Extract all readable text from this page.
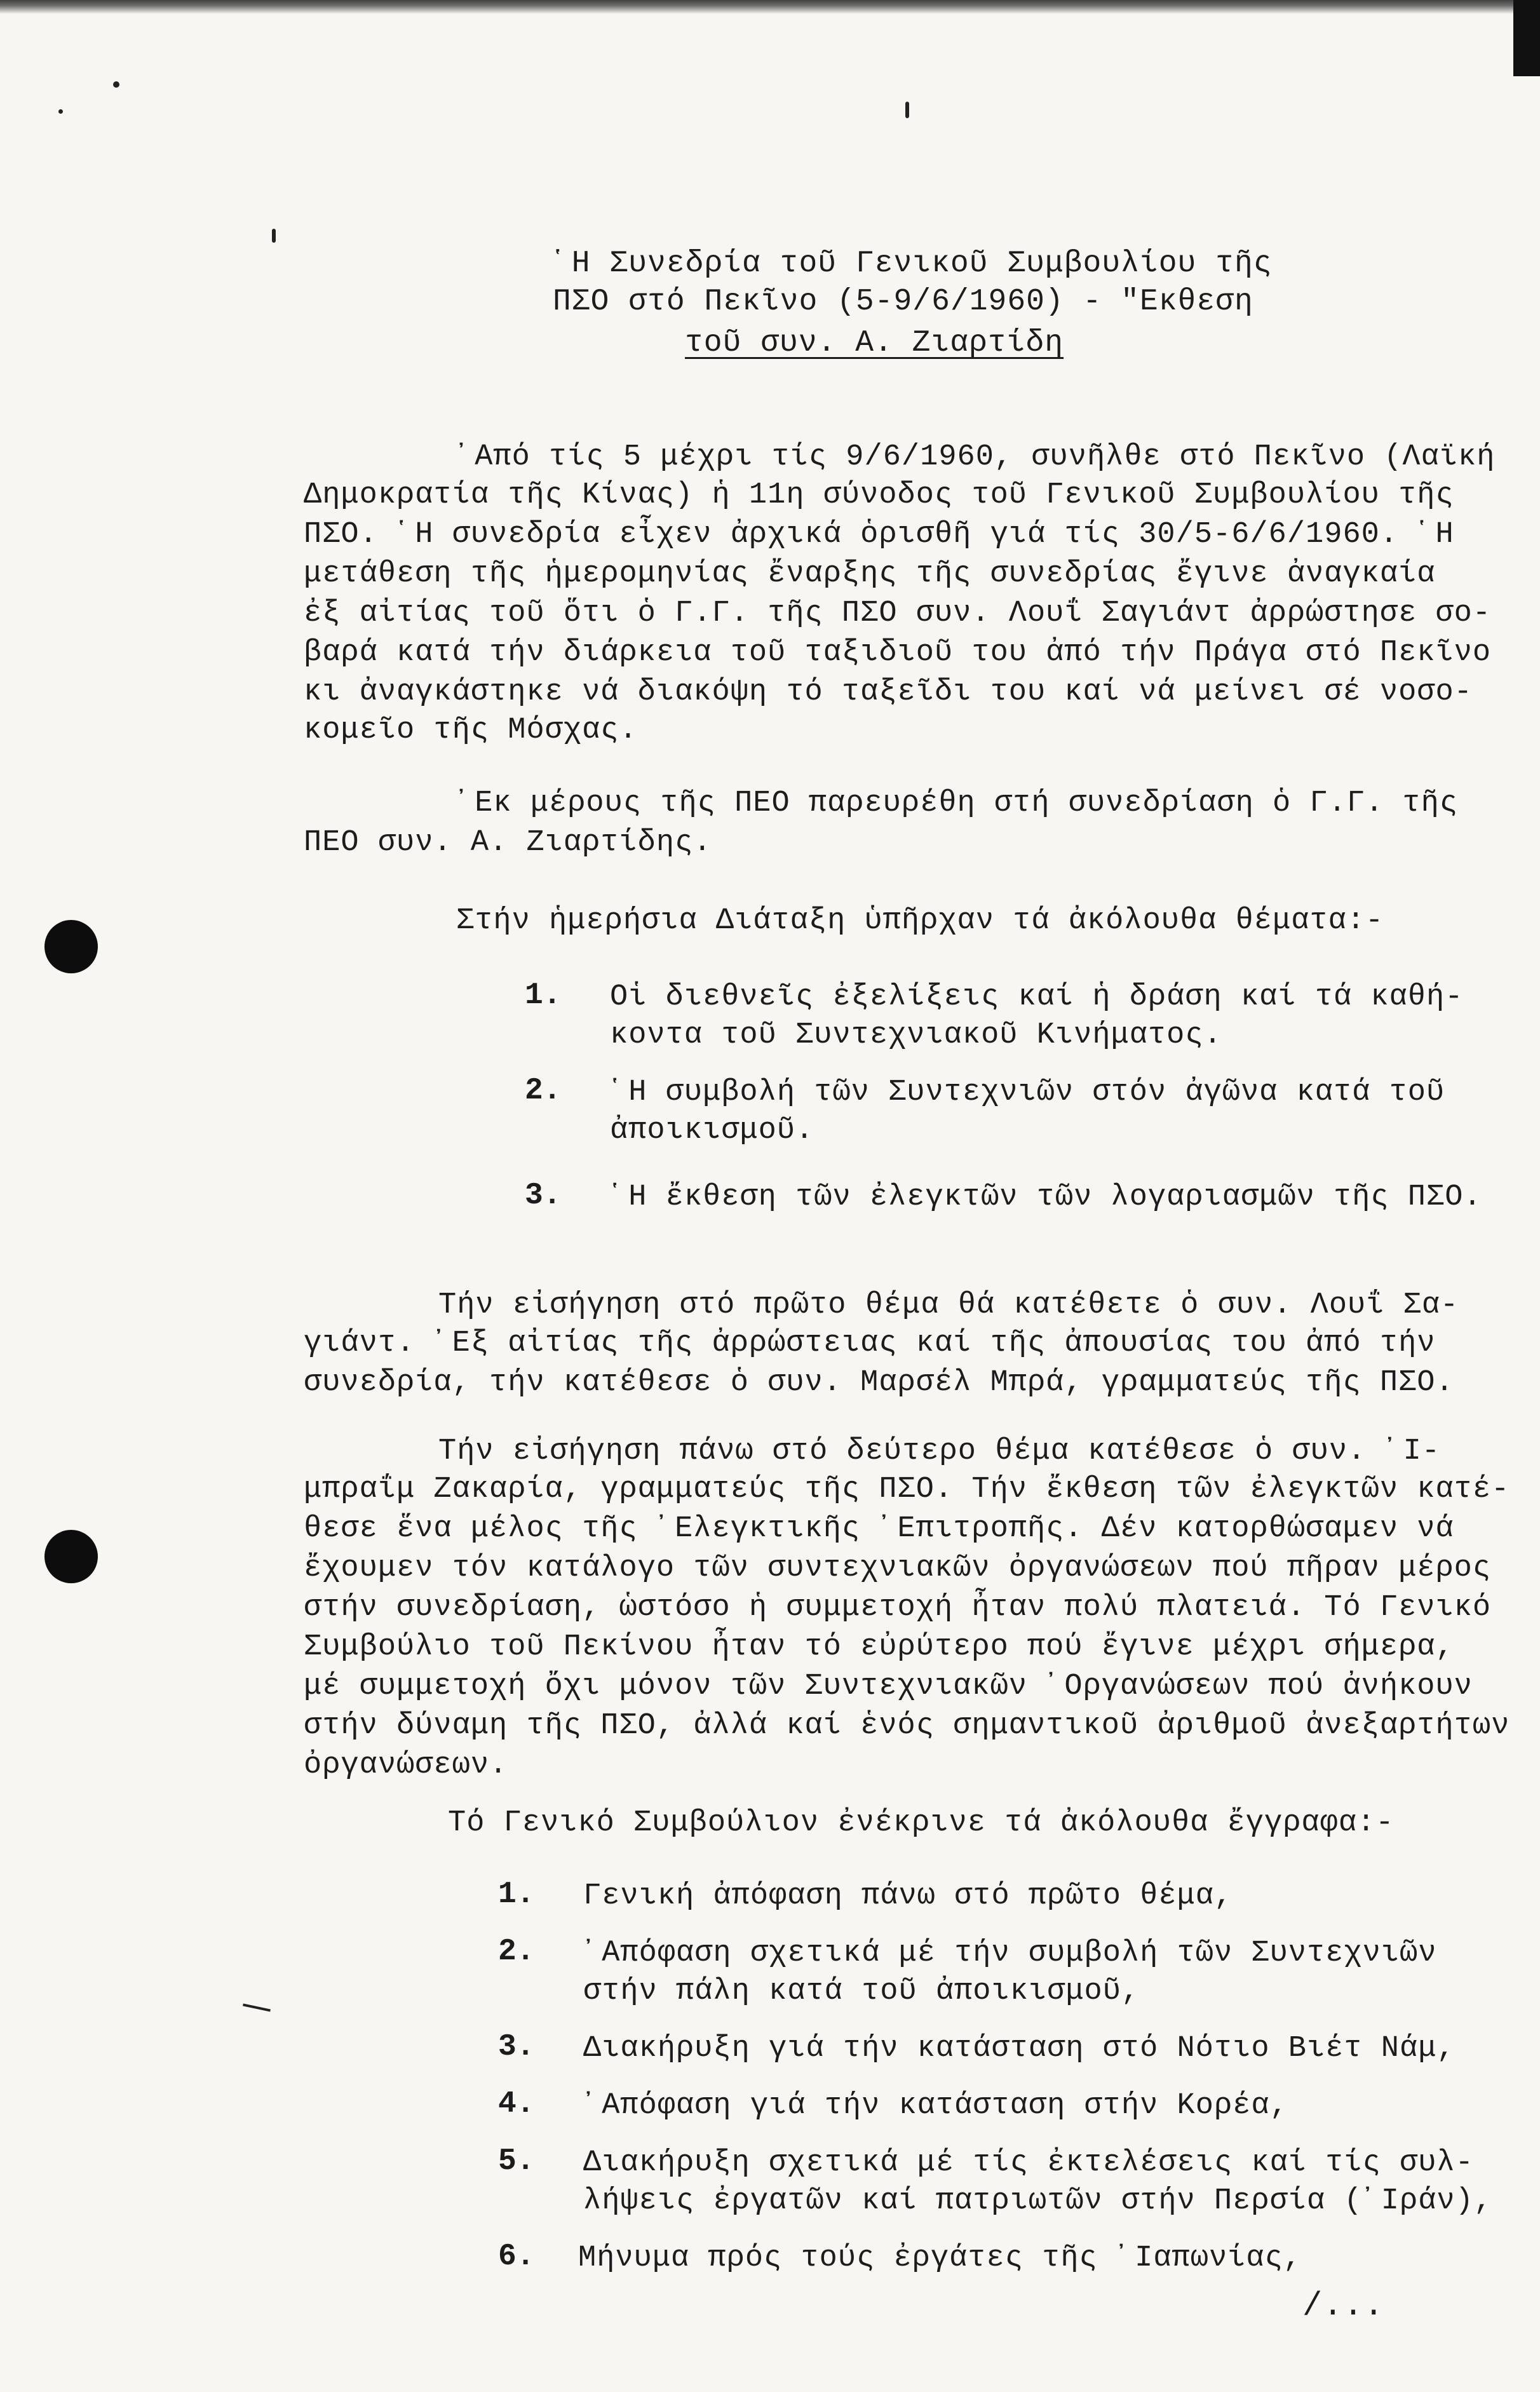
῾Η Συνεδρία τοῦ Γενικοῦ Συμβουλίου τῆς
ΠΣΟ στό Πεκῖνο (5-9/6/1960) - "Εκθεση
τοῦ συν. Α. Ζιαρτίδη
᾽Από τίς 5 μέχρι τίς 9/6/1960, συνῆλθε στό Πεκῖνο (Λαϊκή
Δημοκρατία τῆς Κίνας) ἡ 11η σύνοδος τοῦ Γενικοῦ Συμβουλίου τῆς
ΠΣΟ. ῾Η συνεδρία εἶχεν ἀρχικά ὁρισθῆ γιά τίς 30/5-6/6/1960. ῾Η
μετάθεση τῆς ἡμερομηνίας ἔναρξης τῆς συνεδρίας ἔγινε ἀναγκαία
ἐξ αἰτίας τοῦ ὅτι ὁ Γ.Γ. τῆς ΠΣΟ συν. Λουΐ Σαγιάντ ἀρρώστησε σο-
βαρά κατά τήν διάρκεια τοῦ ταξιδιοῦ του ἀπό τήν Πράγα στό Πεκῖνο
κι ἀναγκάστηκε νά διακόψη τό ταξεῖδι του καί νά μείνει σέ νοσο-
κομεῖο τῆς Μόσχας.
᾽Εκ μέρους τῆς ΠΕΟ παρευρέθη στή συνεδρίαση ὁ Γ.Γ. τῆς
ΠΕΟ συν. Α. Ζιαρτίδης.
Στήν ἡμερήσια Διάταξη ὑπῆρχαν τά ἀκόλουθα θέματα:-
1. Οἱ διεθνεῖς ἐξελίξεις καί ἡ δράση καί τά καθή-
κοντα τοῦ Συντεχνιακοῦ Κινήματος.
2. ῾Η συμβολή τῶν Συντεχνιῶν στόν ἀγῶνα κατά τοῦ
ἀποικισμοῦ.
3. ῾Η ἔκθεση τῶν ἐλεγκτῶν τῶν λογαριασμῶν τῆς ΠΣΟ.
Τήν εἰσήγηση στό πρῶτο θέμα θά κατέθετε ὁ συν. Λουΐ Σα-
γιάντ. ᾽Εξ αἰτίας τῆς ἀρρώστειας καί τῆς ἀπουσίας του ἀπό τήν
συνεδρία, τήν κατέθεσε ὁ συν. Μαρσέλ Μπρά, γραμματεύς τῆς ΠΣΟ.
Τήν εἰσήγηση πάνω στό δεύτερο θέμα κατέθεσε ὁ συν. ᾽Ι-
μπραΐμ Ζακαρία, γραμματεύς τῆς ΠΣΟ. Τήν ἔκθεση τῶν ἐλεγκτῶν κατέ-
θεσε ἕνα μέλος τῆς ᾽Ελεγκτικῆς ᾽Επιτροπῆς. Δέν κατορθώσαμεν νά
ἔχουμεν τόν κατάλογο τῶν συντεχνιακῶν ὀργανώσεων πού πῆραν μέρος
στήν συνεδρίαση, ὡστόσο ἡ συμμετοχή ἦταν πολύ πλατειά. Τό Γενικό
Συμβούλιο τοῦ Πεκίνου ἦταν τό εὐρύτερο πού ἔγινε μέχρι σήμερα,
μέ συμμετοχή ὄχι μόνον τῶν Συντεχνιακῶν ᾽Οργανώσεων πού ἀνήκουν
στήν δύναμη τῆς ΠΣΟ, ἀλλά καί ἑνός σημαντικοῦ ἀριθμοῦ ἀνεξαρτήτων
ὀργανώσεων.
Τό Γενικό Συμβούλιον ἐνέκρινε τά ἀκόλουθα ἔγγραφα:-
1. Γενική ἀπόφαση πάνω στό πρῶτο θέμα,
2. ᾽Απόφαση σχετικά μέ τήν συμβολή τῶν Συντεχνιῶν
στήν πάλη κατά τοῦ ἀποικισμοῦ,
3. Διακήρυξη γιά τήν κατάσταση στό Νότιο Βιέτ Νάμ,
4. ᾽Απόφαση γιά τήν κατάσταση στήν Κορέα,
5. Διακήρυξη σχετικά μέ τίς ἐκτελέσεις καί τίς συλ-
λήψεις ἐργατῶν καί πατριωτῶν στήν Περσία (᾽Ιράν),
6. Μήνυμα πρός τούς ἐργάτες τῆς ᾽Ιαπωνίας,
/...
